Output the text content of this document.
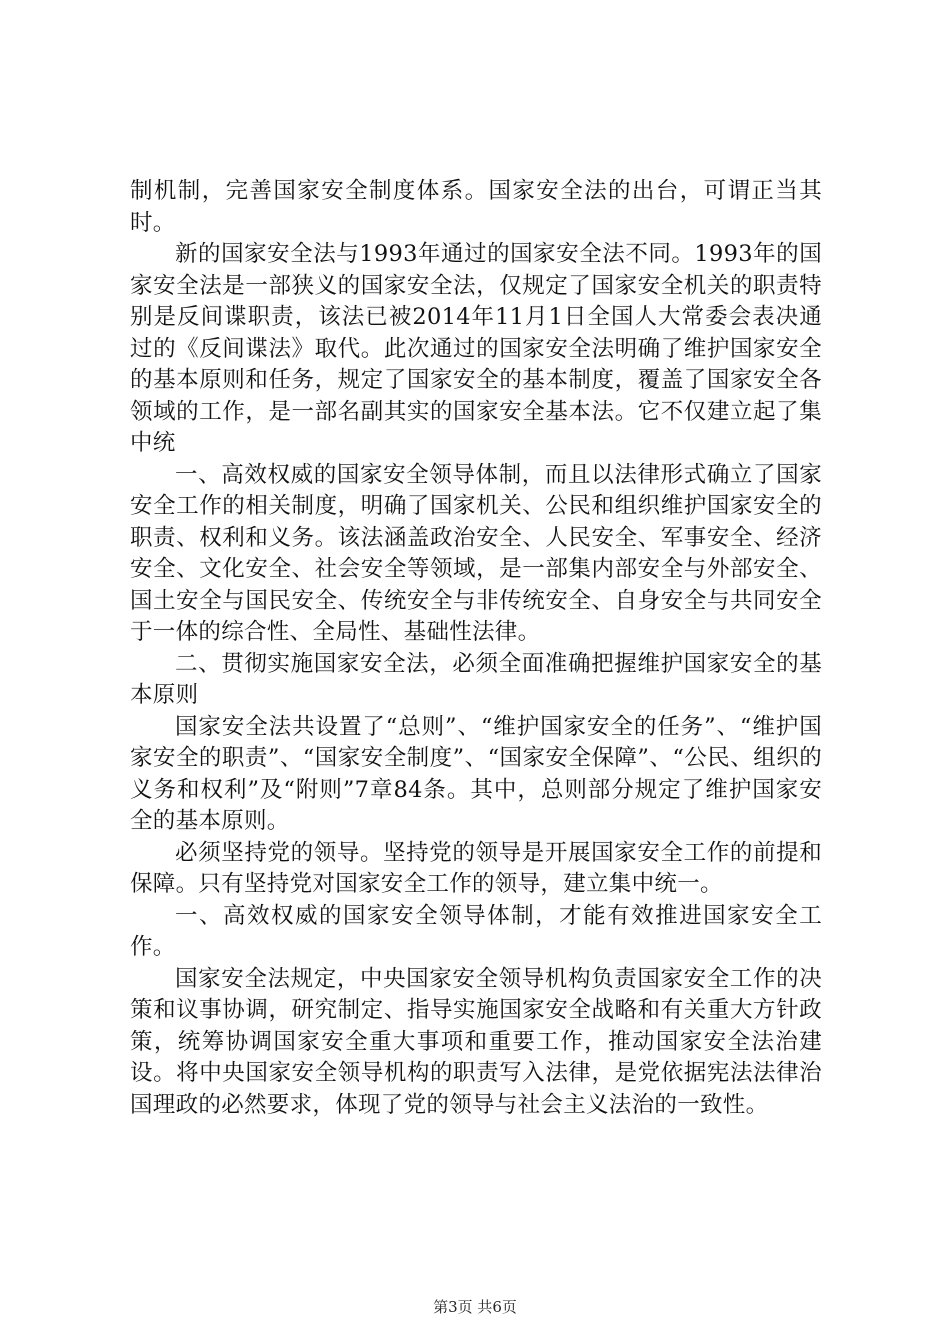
制机制，完善国家安全制度体系。国家安全法的出台，可谓正当其时。

新的国家安全法与1993年通过的国家安全法不同。1993年的国家安全法是一部狭义的国家安全法，仅规定了国家安全机关的职责特别是反间谍职责，该法已被2014年11月1日全国人大常委会表决通过的《反间谍法》取代。此次通过的国家安全法明确了维护国家安全的基本原则和任务，规定了国家安全的基本制度，覆盖了国家安全各领域的工作，是一部名副其实的国家安全基本法。它不仅建立起了集中统

一、高效权威的国家安全领导体制，而且以法律形式确立了国家安全工作的相关制度，明确了国家机关、公民和组织维护国家安全的职责、权利和义务。该法涵盖政治安全、人民安全、军事安全、经济安全、文化安全、社会安全等领域，是一部集内部安全与外部安全、国土安全与国民安全、传统安全与非传统安全、自身安全与共同安全于一体的综合性、全局性、基础性法律。

二、贯彻实施国家安全法，必须全面准确把握维护国家安全的基本原则

国家安全法共设置了“总则”、“维护国家安全的任务”、“维护国家安全的职责”、“国家安全制度”、“国家安全保障”、“公民、组织的义务和权利”及“附则”7章84条。其中，总则部分规定了维护国家安全的基本原则。

必须坚持党的领导。坚持党的领导是开展国家安全工作的前提和保障。只有坚持党对国家安全工作的领导，建立集中统一。

一、高效权威的国家安全领导体制，才能有效推进国家安全工作。

国家安全法规定，中央国家安全领导机构负责国家安全工作的决策和议事协调，研究制定、指导实施国家安全战略和有关重大方针政策，统筹协调国家安全重大事项和重要工作，推动国家安全法治建设。将中央国家安全领导机构的职责写入法律，是党依据宪法法律治国理政的必然要求，体现了党的领导与社会主义法治的一致性。

第3页 共6页
